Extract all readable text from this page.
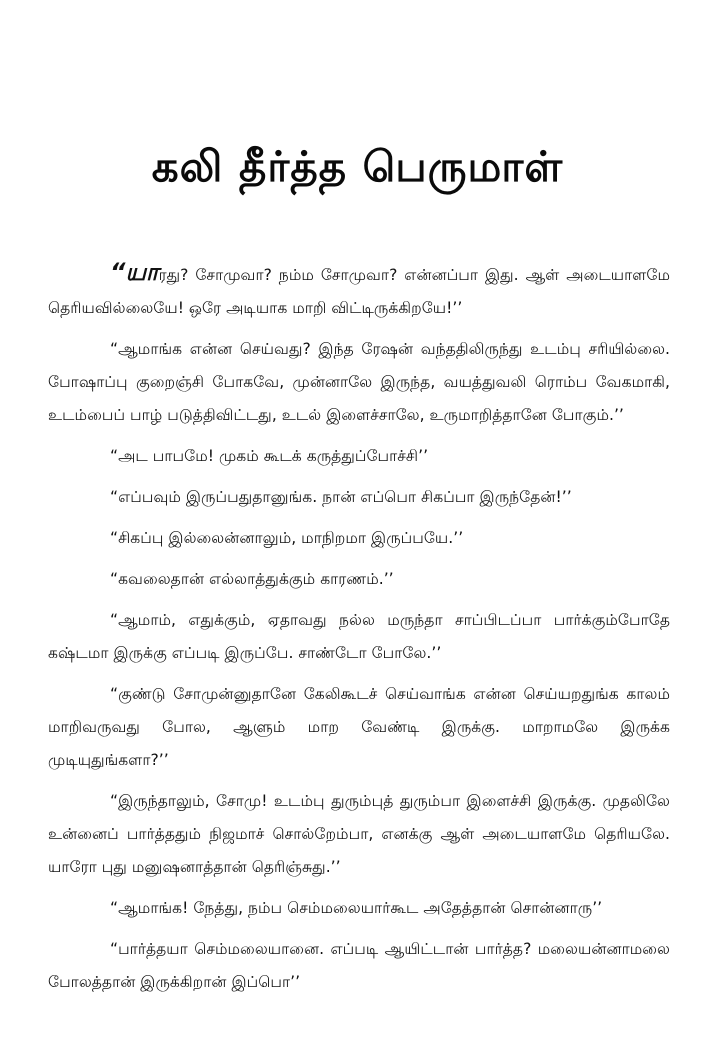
கலி தீர்த்த பெருமாள்

“யாரது? சோமுவா? நம்ம சோமுவா? என்னப்பா இது. ஆள் அடையாளமே தெரியவில்லையே! ஒரே அடியாக மாறி விட்டிருக்கிறயே!’’

“ஆமாங்க என்ன செய்வது? இந்த ரேஷன் வந்ததிலிருந்து உடம்பு சரியில்லை. போஷாப்பு குறைஞ்சி போகவே, முன்னாலே இருந்த, வயத்துவலி ரொம்ப வேகமாகி, உடம்பைப் பாழ் படுத்திவிட்டது, உடல் இளைச்சாலே, உருமாறித்தானே போகும்.’’

“அட பாபமே! முகம் கூடக் கருத்துப்போச்சி’’

“எப்பவும் இருப்பதுதானுங்க. நான் எப்பொ சிகப்பா இருந்தேன்!’’

“சிகப்பு இல்லைன்னாலும், மாநிறமா இருப்பயே.’’

“கவலைதான் எல்லாத்துக்கும் காரணம்.’’

“ஆமாம், எதுக்கும், ஏதாவது நல்ல மருந்தா சாப்பிடப்பா பார்க்கும்போதே கஷ்டமா இருக்கு எப்படி இருப்பே. சாண்டோ போலே.’’

“குண்டு சோமுன்னுதானே கேலிகூடச் செய்வாங்க என்ன செய்யறதுங்க காலம் மாறிவருவது போல, ஆளும் மாற வேண்டி இருக்கு. மாறாமலே இருக்க முடியுதுங்களா?’’

“இருந்தாலும், சோமு! உடம்பு துரும்புத் துரும்பா இளைச்சி இருக்கு. முதலிலே உன்னைப் பார்த்ததும் நிஜமாச் சொல்றேம்பா, எனக்கு ஆள் அடையாளமே தெரியலே. யாரோ புது மனுஷனாத்தான் தெரிஞ்சுது.’’

“ஆமாங்க! நேத்து, நம்ப செம்மலையார்கூட அதேத்தான் சொன்னாரு’’

“பார்த்தயா செம்மலையானை. எப்படி ஆயிட்டான் பார்த்த? மலையன்னாமலை போலத்தான் இருக்கிறான் இப்பொ’’
